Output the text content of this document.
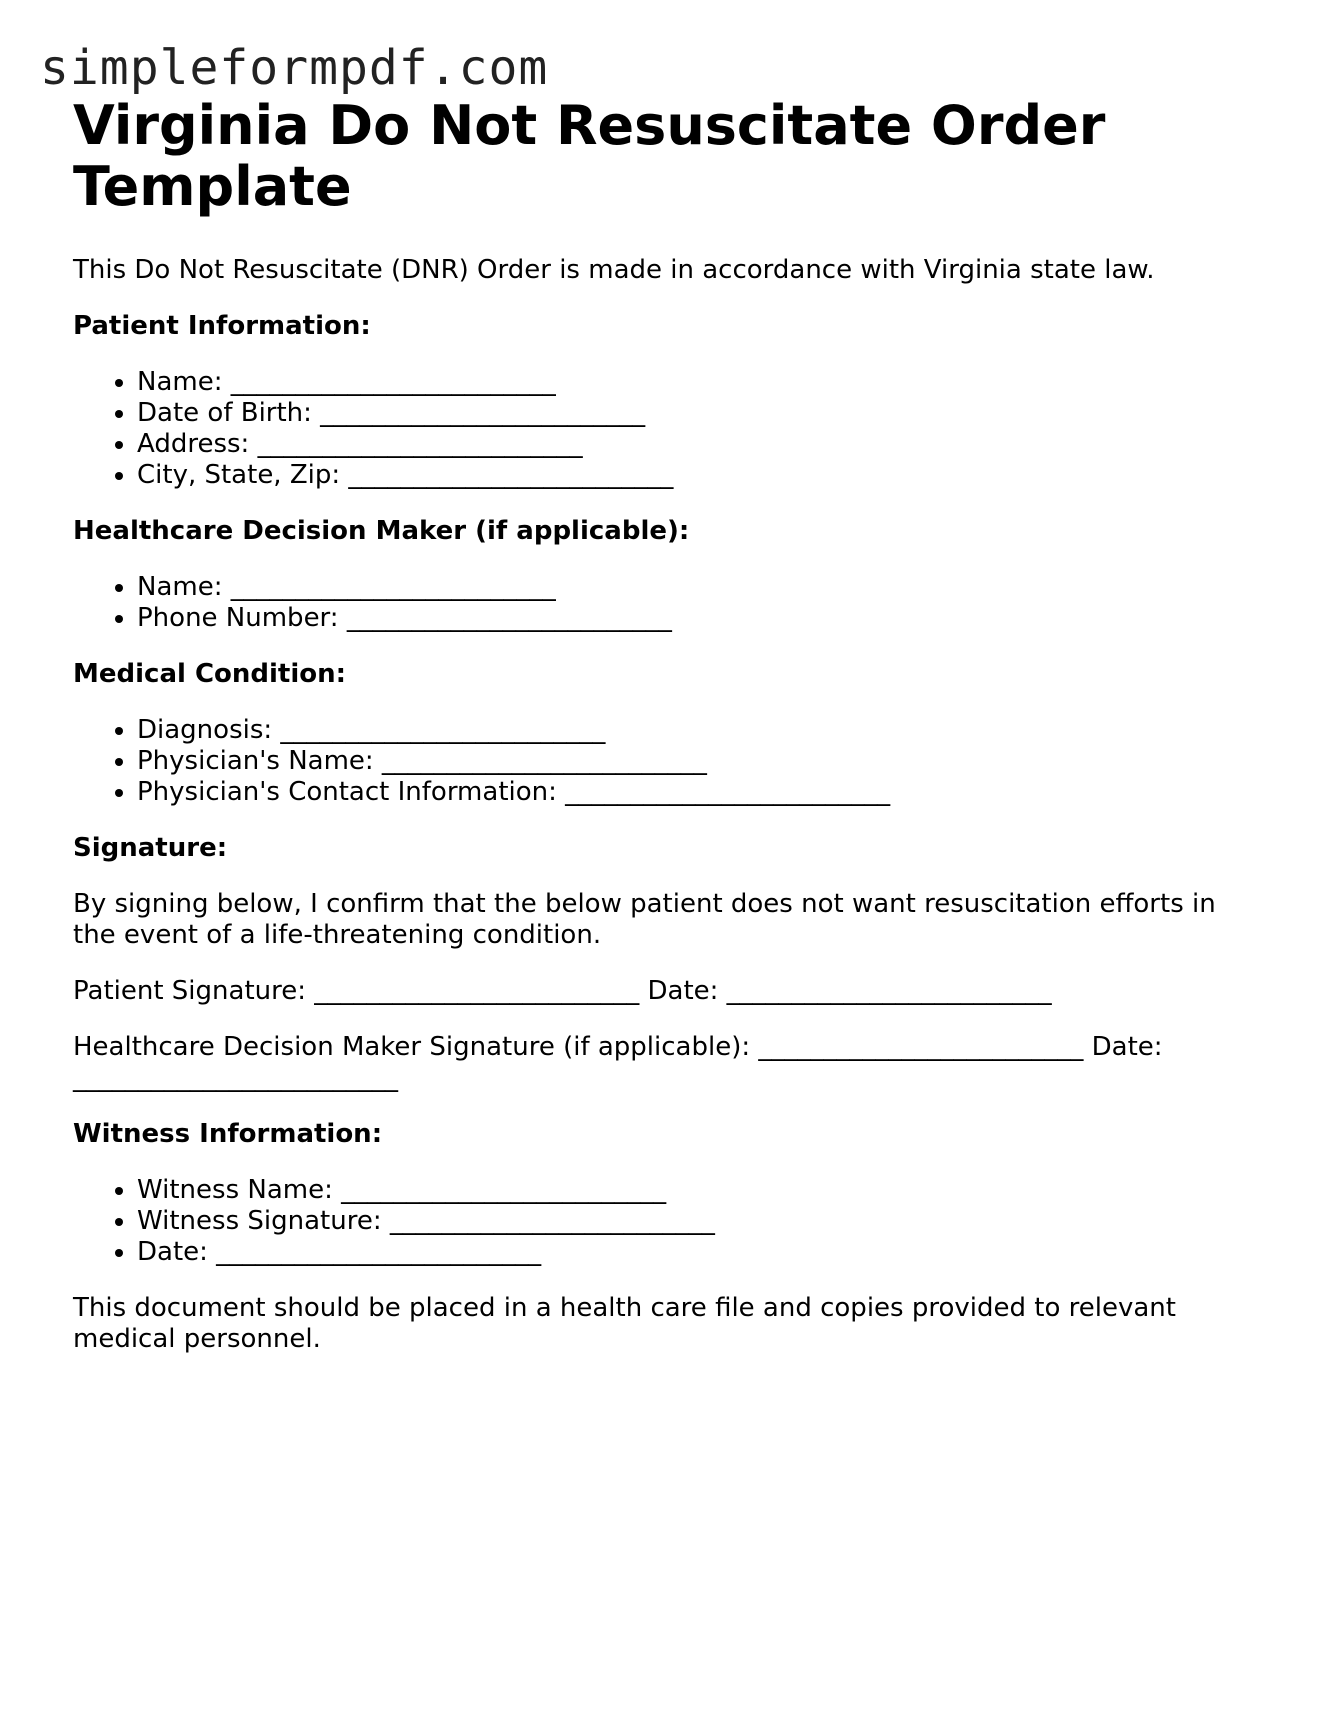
simpleformpdf.com
Virginia Do Not Resuscitate Order Template

This Do Not Resuscitate (DNR) Order is made in accordance with Virginia state law.

Patient Information:

• Name: _________________________
• Date of Birth: _________________________
• Address: _________________________
• City, State, Zip: _________________________

Healthcare Decision Maker (if applicable):

• Name: _________________________
• Phone Number: _________________________

Medical Condition:

• Diagnosis: _________________________
• Physician's Name: _________________________
• Physician's Contact Information: _________________________

Signature:

By signing below, I confirm that the below patient does not want resuscitation efforts in the event of a life-threatening condition.

Patient Signature: _________________________ Date: _________________________

Healthcare Decision Maker Signature (if applicable): _________________________ Date: _________________________

Witness Information:

• Witness Name: _________________________
• Witness Signature: _________________________
• Date: _________________________

This document should be placed in a health care file and copies provided to relevant medical personnel.
